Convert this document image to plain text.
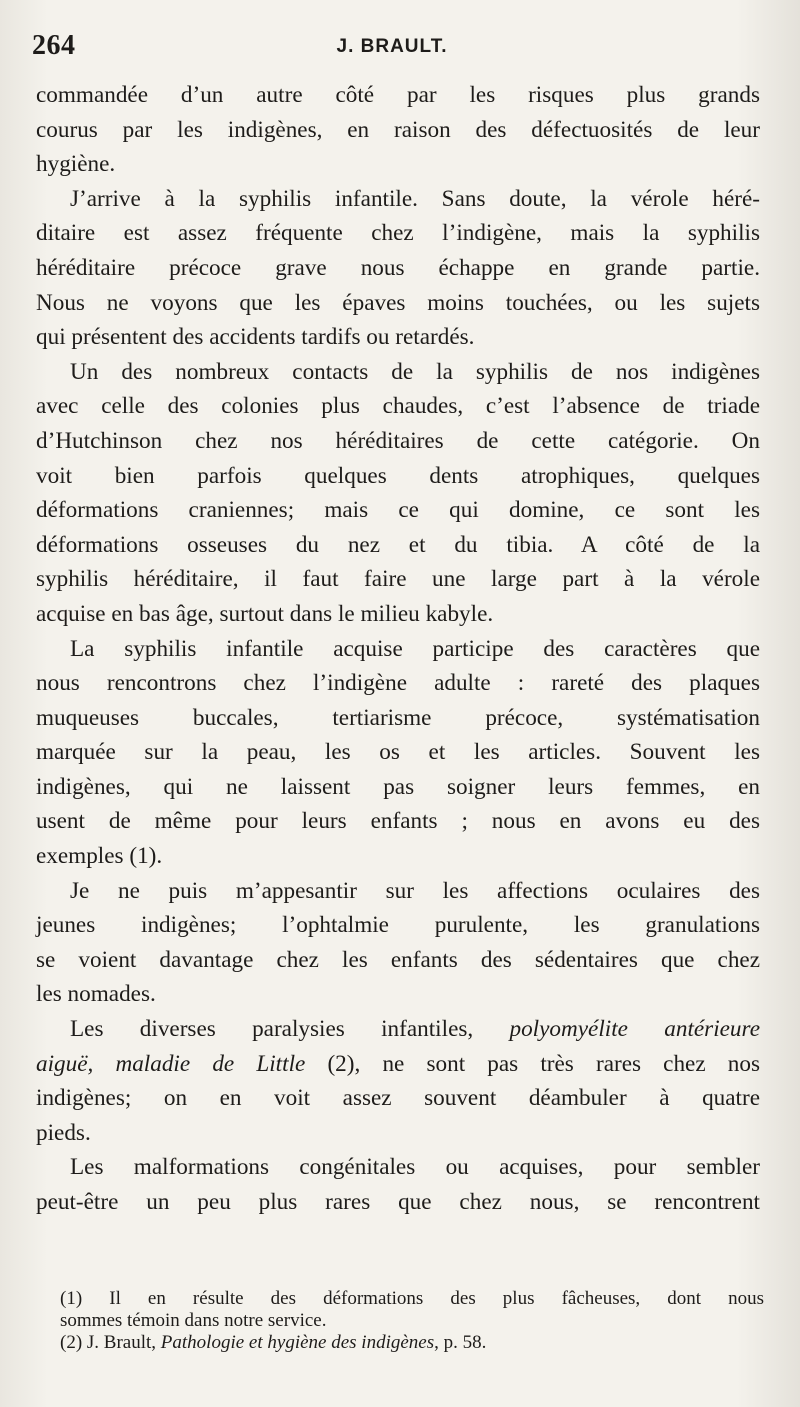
264	J. BRAULT.
commandée d’un autre côté par les risques plus grands
courus par les indigènes, en raison des défectuosités de leur
hygiène.
J’arrive à la syphilis infantile. Sans doute, la vérole héré-
ditaire est assez fréquente chez l’indigène, mais la syphilis
héréditaire précoce grave nous échappe en grande partie.
Nous ne voyons que les épaves moins touchées, ou les sujets
qui présentent des accidents tardifs ou retardés.
Un des nombreux contacts de la syphilis de nos indigènes
avec celle des colonies plus chaudes, c’est l’absence de triade
d’Hutchinson chez nos héréditaires de cette catégorie. On
voit bien parfois quelques dents atrophiques, quelques
déformations craniennes; mais ce qui domine, ce sont les
déformations osseuses du nez et du tibia. A côté de la
syphilis héréditaire, il faut faire une large part à la vérole
acquise en bas âge, surtout dans le milieu kabyle.
La syphilis infantile acquise participe des caractères que
nous rencontrons chez l’indigène adulte : rareté des plaques
muqueuses buccales, tertiarisme précoce, systématisation
marquée sur la peau, les os et les articles. Souvent les
indigènes, qui ne laissent pas soigner leurs femmes, en
usent de même pour leurs enfants ; nous en avons eu des
exemples (1).
Je ne puis m’appesantir sur les affections oculaires des
jeunes indigènes; l’ophtalmie purulente, les granulations
se voient davantage chez les enfants des sédentaires que chez
les nomades.
Les diverses paralysies infantiles, polyomyélite antérieure
aiguë, maladie de Little (2), ne sont pas très rares chez nos
indigènes; on en voit assez souvent déambuler à quatre
pieds.
Les malformations congénitales ou acquises, pour sembler
peut-être un peu plus rares que chez nous, se rencontrent
(1) Il en résulte des déformations des plus fâcheuses, dont nous
sommes témoin dans notre service.
(2) J. Brault, Pathologie et hygiène des indigènes, p. 58.
